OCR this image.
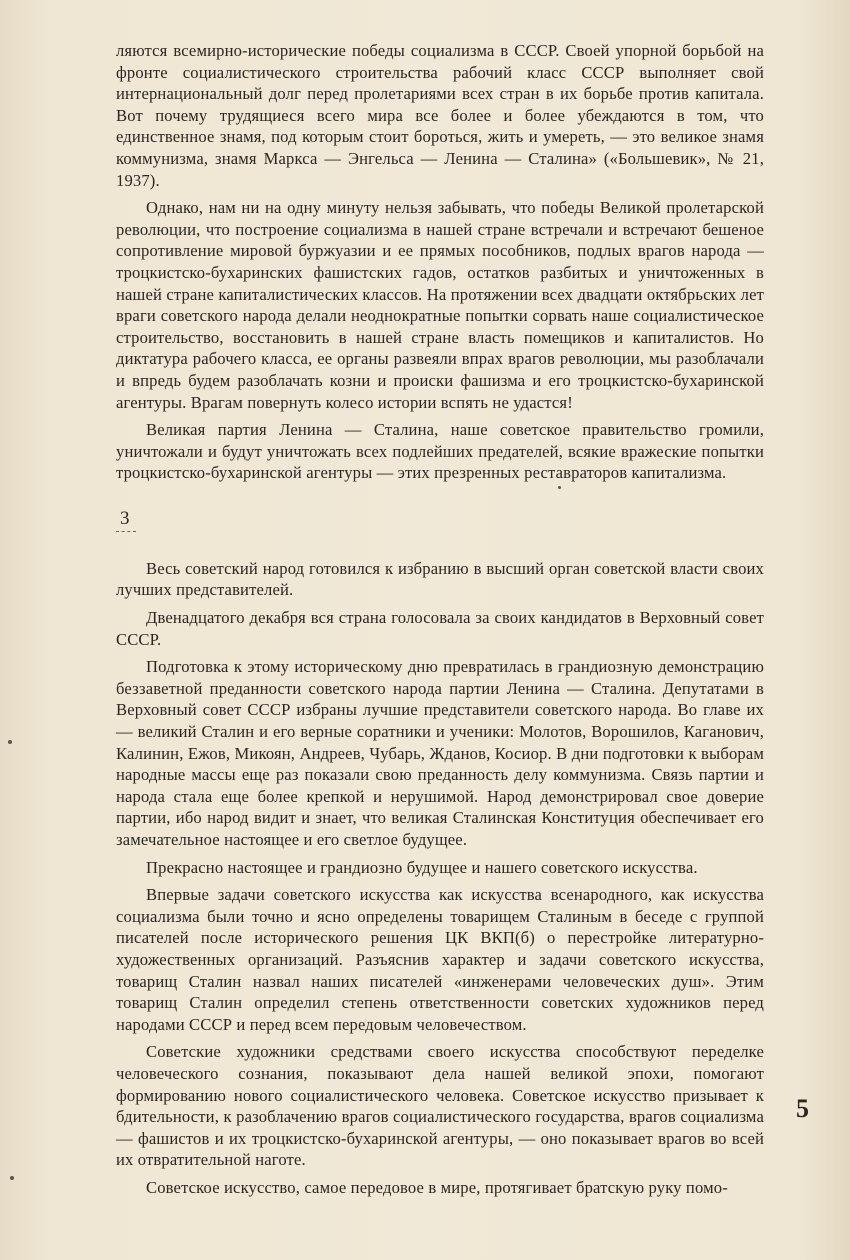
ляются всемирно-исторические победы социализма в СССР. Своей упорной борьбой на фронте социалистического строительства рабочий класс СССР выполняет свой интернациональный долг перед пролетариями всех стран в их борьбе против капитала. Вот почему трудящиеся всего мира все более и более убеждаются в том, что единственное знамя, под которым стоит бороться, жить и умереть, — это великое знамя коммунизма, знамя Маркса — Энгельса — Ленина — Сталина» («Большевик», № 21, 1937).

Однако, нам ни на одну минуту нельзя забывать, что победы Великой пролетарской революции, что построение социализма в нашей стране встречали и встречают бешеное сопротивление мировой буржуазии и ее прямых пособников, подлых врагов народа — троцкистско-бухаринских фашистских гадов, остатков разбитых и уничтоженных в нашей стране капиталистических классов. На протяжении всех двадцати октябрьских лет враги советского народа делали неоднократные попытки сорвать наше социалистическое строительство, восстановить в нашей стране власть помещиков и капиталистов. Но диктатура рабочего класса, ее органы развеяли впрах врагов революции, мы разоблачали и впредь будем разоблачать козни и происки фашизма и его троцкистско-бухаринской агентуры. Врагам повернуть колесо истории вспять не удастся!

Великая партия Ленина — Сталина, наше советское правительство громили, уничтожали и будут уничтожать всех подлейших предателей, всякие вражеские попытки троцкистско-бухаринской агентуры — этих презренных реставраторов капитализма.

3

Весь советский народ готовился к избранию в высший орган советской власти своих лучших представителей.

Двенадцатого декабря вся страна голосовала за своих кандидатов в Верховный совет СССР.

Подготовка к этому историческому дню превратилась в грандиозную демонстрацию беззаветной преданности советского народа партии Ленина — Сталина. Депутатами в Верховный совет СССР избраны лучшие представители советского народа. Во главе их — великий Сталин и его верные соратники и ученики: Молотов, Ворошилов, Каганович, Калинин, Ежов, Микоян, Андреев, Чубарь, Жданов, Косиор. В дни подготовки к выборам народные массы еще раз показали свою преданность делу коммунизма. Связь партии и народа стала еще более крепкой и нерушимой. Народ демонстрировал свое доверие партии, ибо народ видит и знает, что великая Сталинская Конституция обеспечивает его замечательное настоящее и его светлое будущее.

Прекрасно настоящее и грандиозно будущее и нашего советского искусства.

Впервые задачи советского искусства как искусства всенародного, как искусства социализма были точно и ясно определены товарищем Сталиным в беседе с группой писателей после исторического решения ЦК ВКП(б) о перестройке литературно-художественных организаций. Разъяснив характер и задачи советского искусства, товарищ Сталин назвал наших писателей «инженерами человеческих душ». Этим товарищ Сталин определил степень ответственности советских художников перед народами СССР и перед всем передовым человечеством.

Советские художники средствами своего искусства способствуют переделке человеческого сознания, показывают дела нашей великой эпохи, помогают формированию нового социалистического человека. Советское искусство призывает к бдительности, к разоблачению врагов социалистического государства, врагов социализма — фашистов и их троцкистско-бухаринской агентуры, — оно показывает врагов во всей их отвратительной наготе.

Советское искусство, самое передовое в мире, протягивает братскую руку помо-

5
